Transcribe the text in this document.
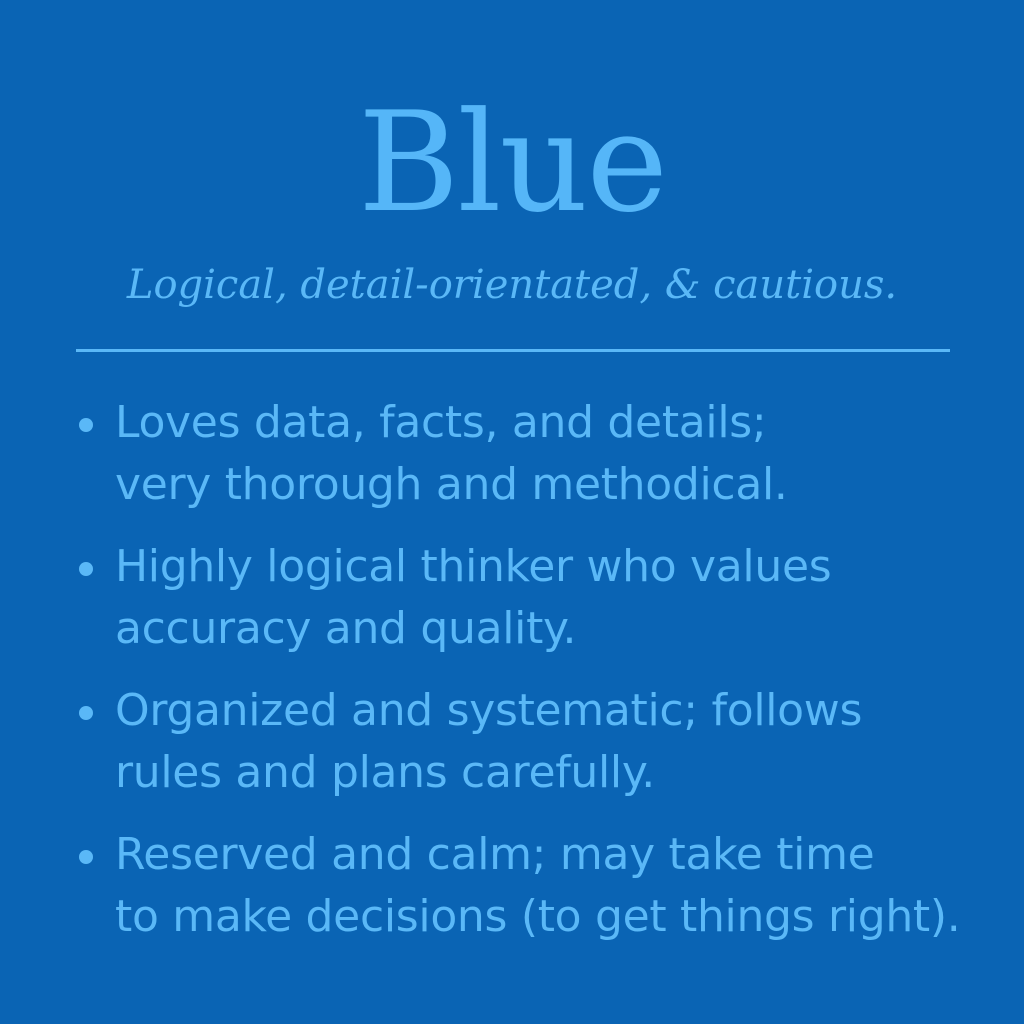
Blue

Logical, detail-orientated, & cautious.

Loves data, facts, and details;
very thorough and methodical.
Highly logical thinker who values
accuracy and quality.
Organized and systematic; follows
rules and plans carefully.
Reserved and calm; may take time
to make decisions (to get things right).
